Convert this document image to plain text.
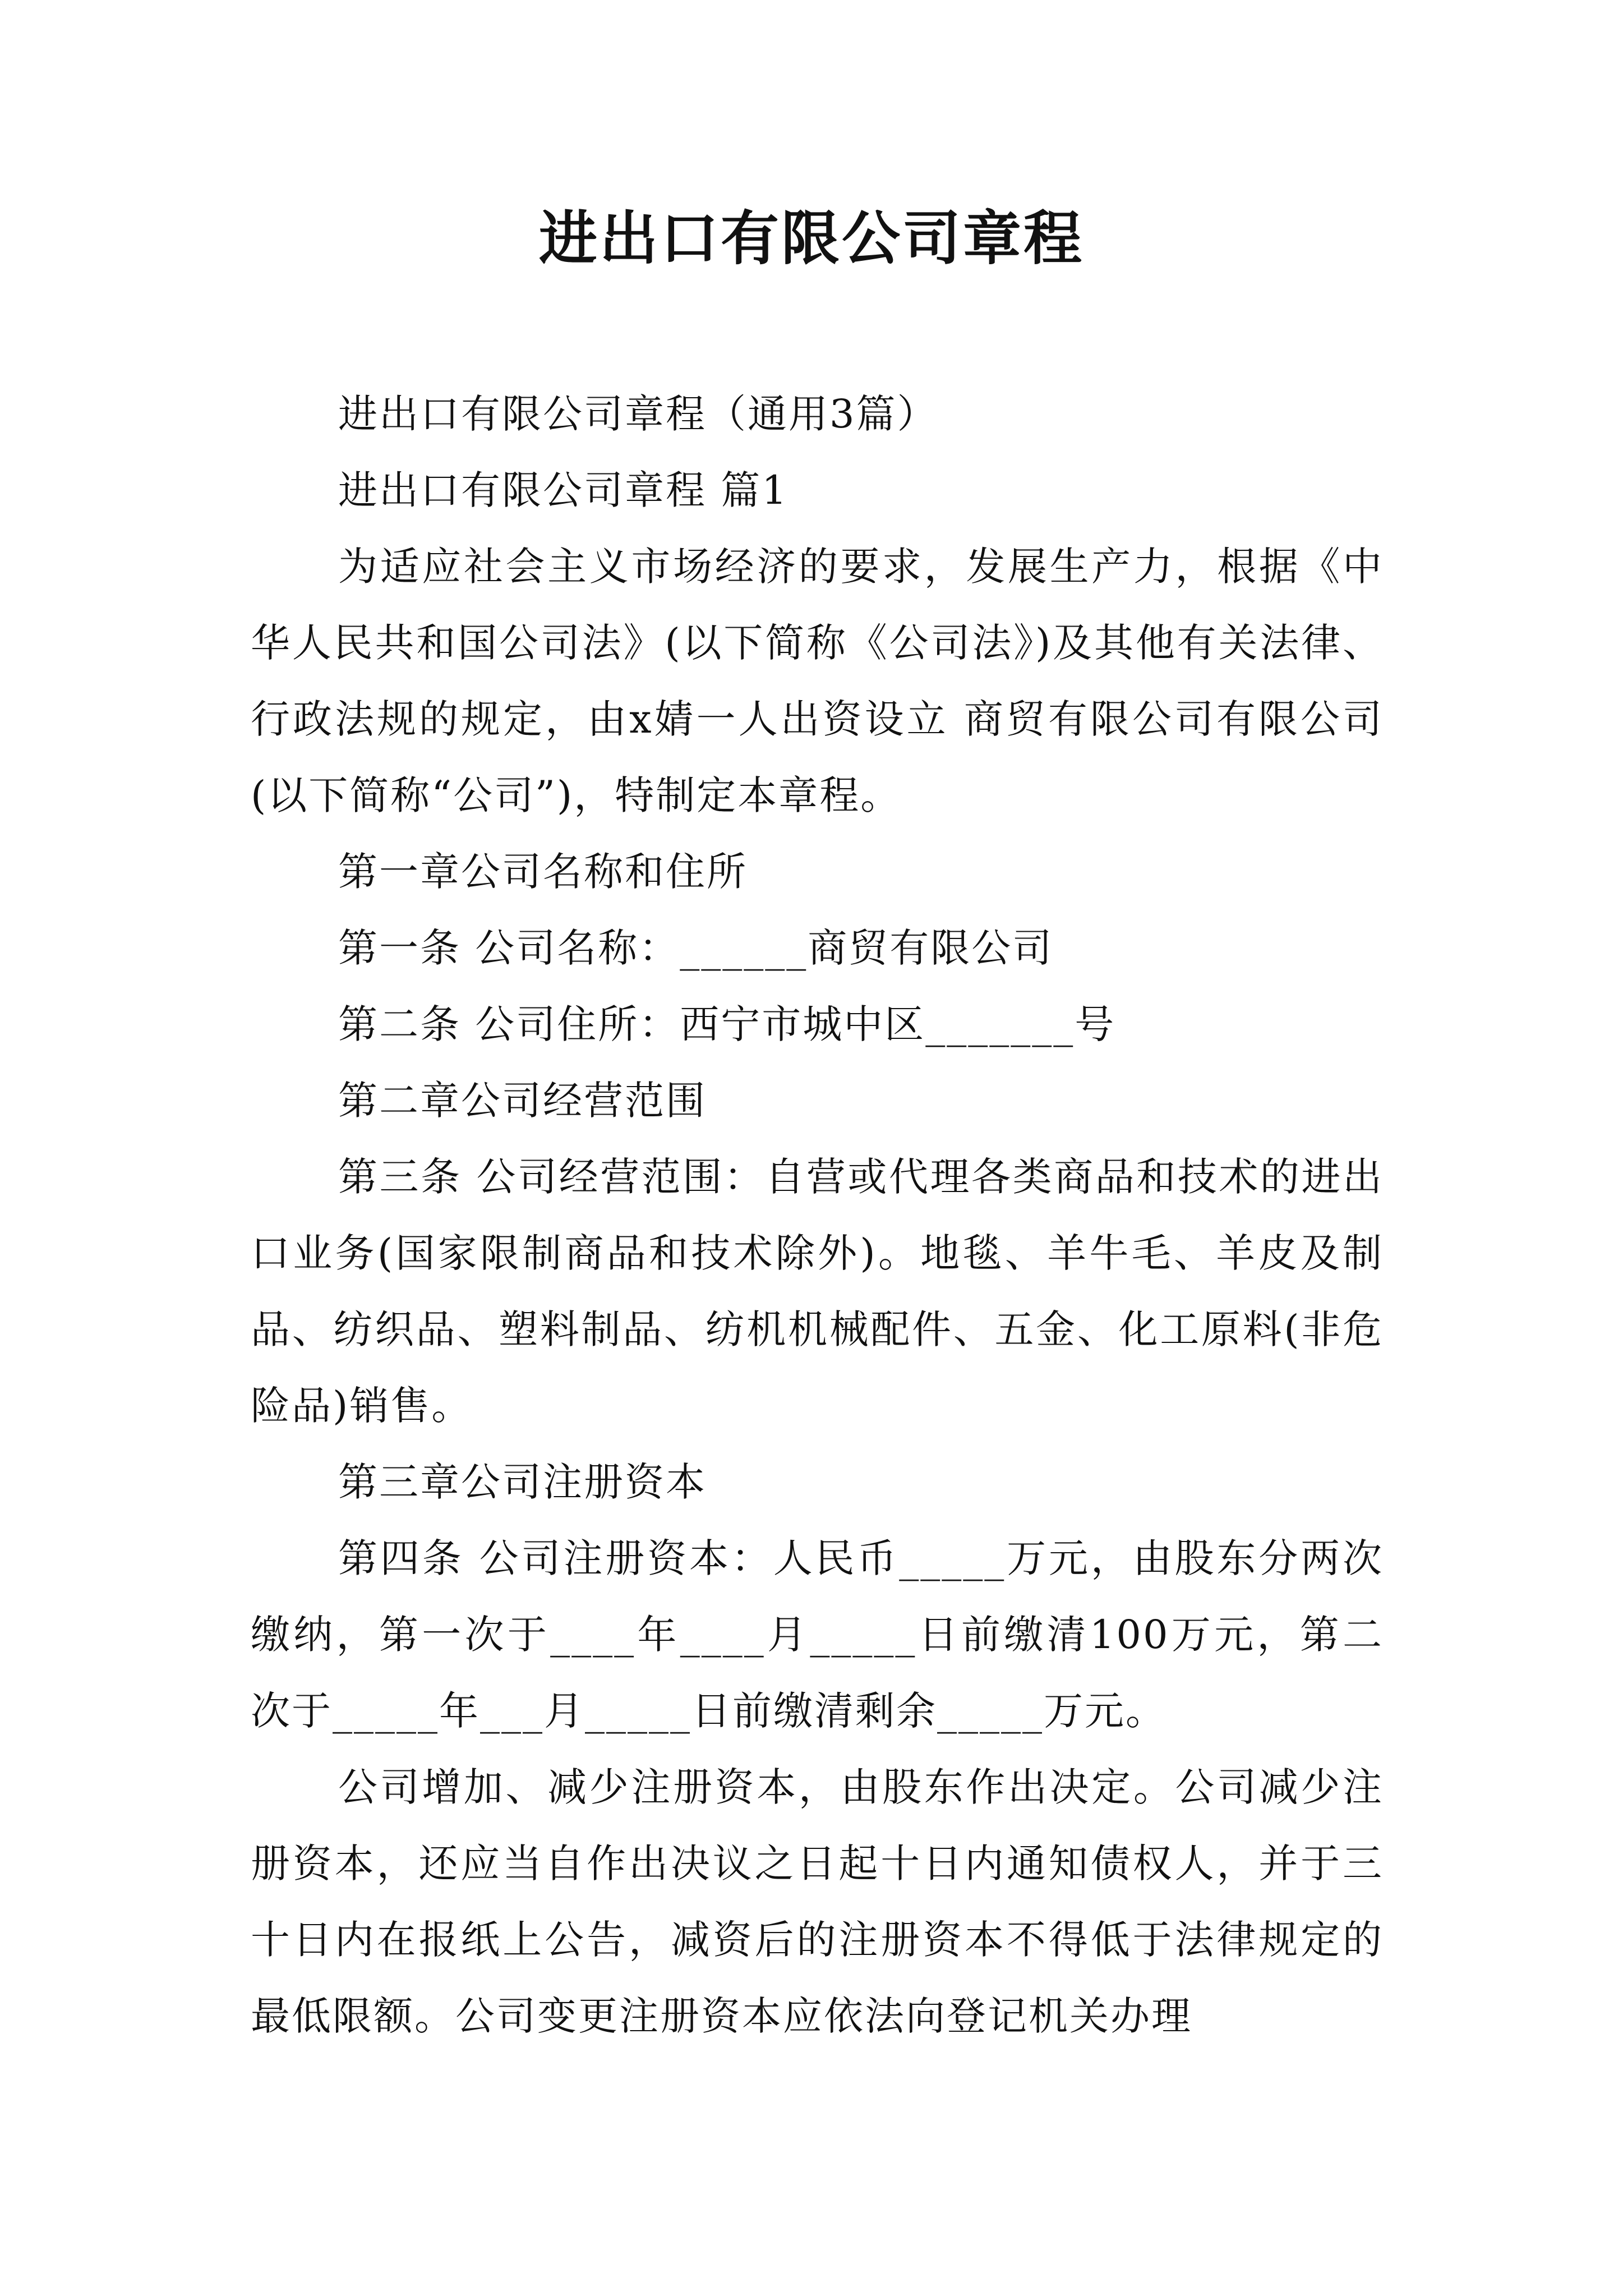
进出口有限公司章程

进出口有限公司章程（通用3篇）

进出口有限公司章程 篇1

为适应社会主义市场经济的要求，发展生产力，根据《中华人民共和国公司法》(以下简称《公司法》)及其他有关法律、行政法规的规定，由x婧一人出资设立 商贸有限公司有限公司(以下简称“公司”)，特制定本章程。

第一章公司名称和住所

第一条 公司名称：______商贸有限公司

第二条 公司住所：西宁市城中区_______号

第二章公司经营范围

第三条 公司经营范围：自营或代理各类商品和技术的进出口业务(国家限制商品和技术除外)。地毯、羊牛毛、羊皮及制品、纺织品、塑料制品、纺机机械配件、五金、化工原料(非危险品)销售。

第三章公司注册资本

第四条 公司注册资本：人民币_____万元，由股东分两次缴纳，第一次于____年____月_____日前缴清100万元，第二次于_____年___月_____日前缴清剩余_____万元。

公司增加、减少注册资本，由股东作出决定。公司减少注册资本，还应当自作出决议之日起十日内通知债权人，并于三十日内在报纸上公告，减资后的注册资本不得低于法律规定的最低限额。公司变更注册资本应依法向登记机关办理
